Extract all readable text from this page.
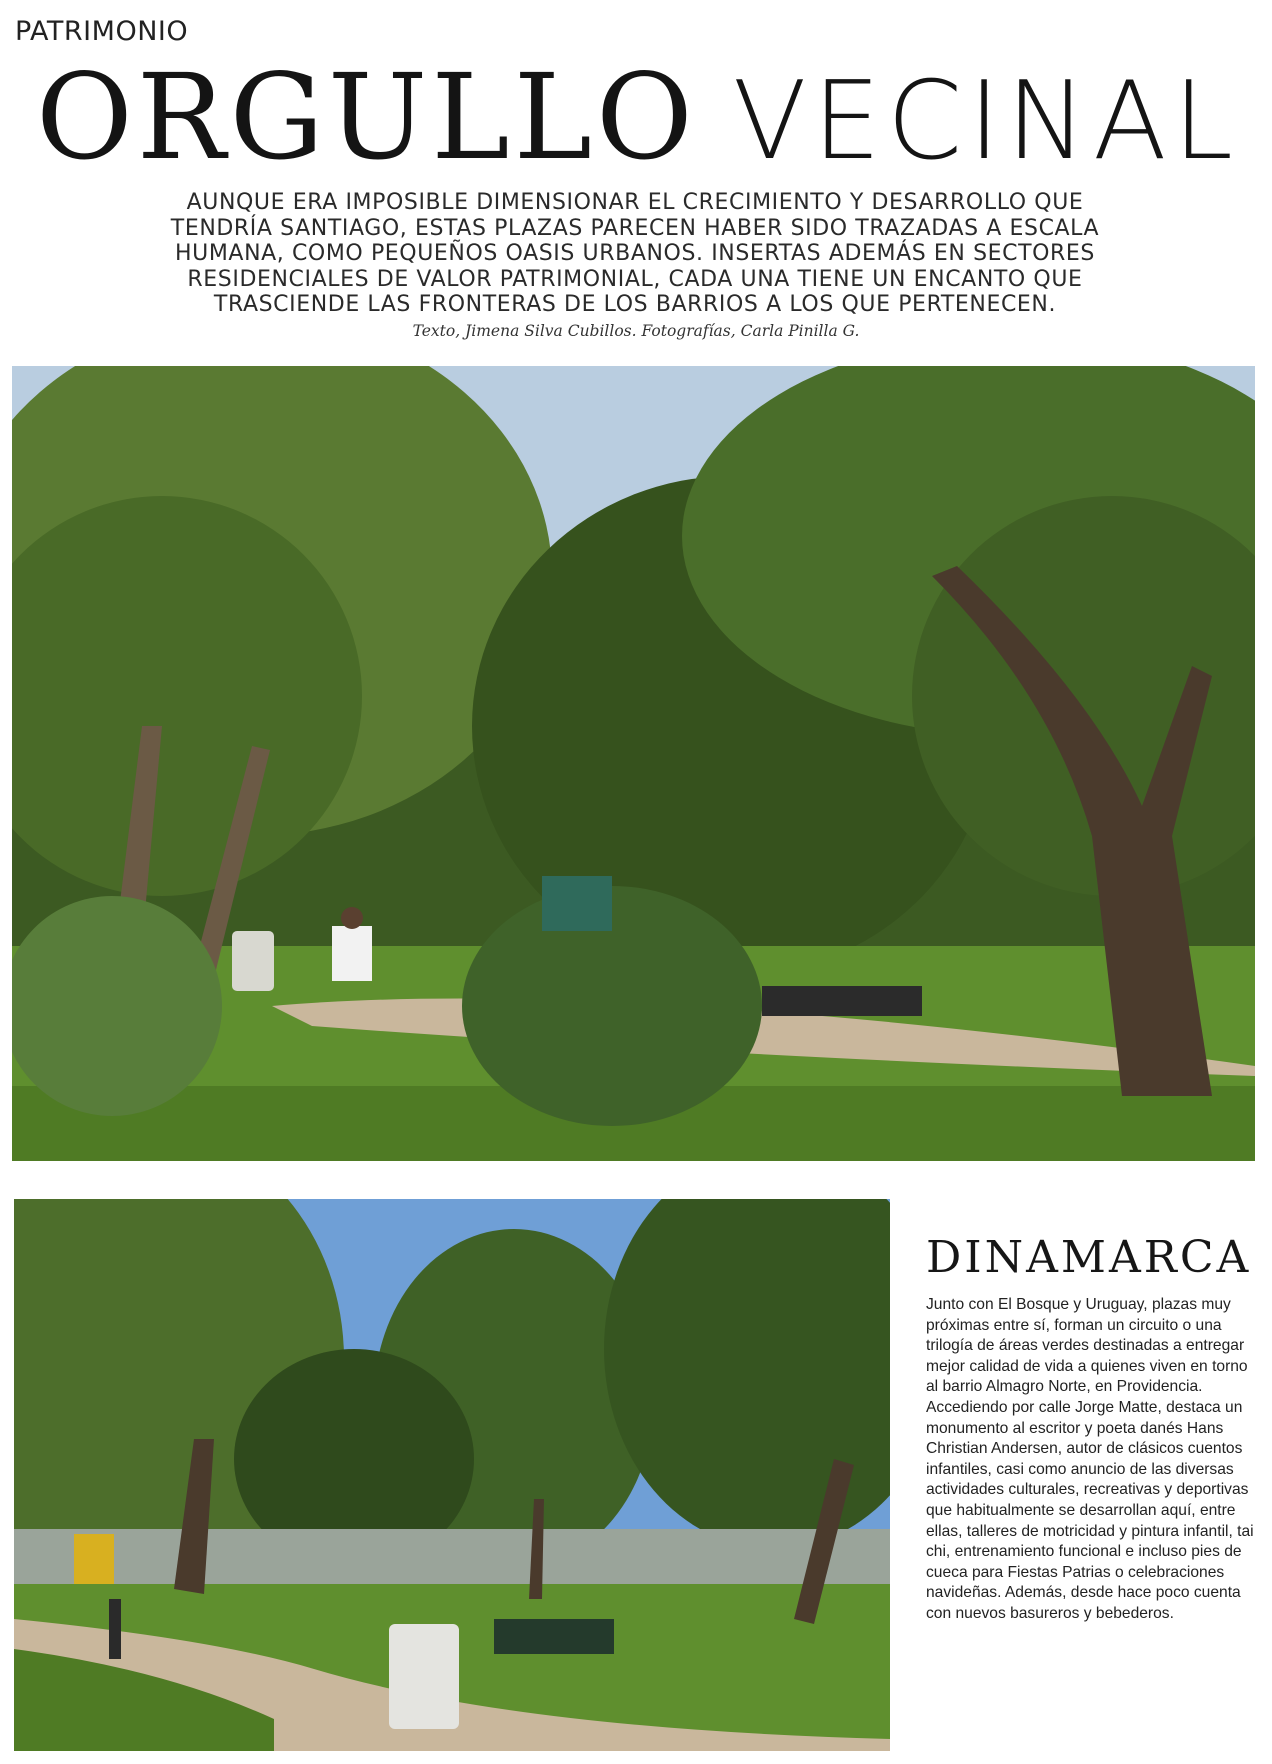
PATRIMONIO
ORGULLO VECINAL

AUNQUE ERA IMPOSIBLE DIMENSIONAR EL CRECIMIENTO Y DESARROLLO QUE TENDRÍA SANTIAGO, ESTAS PLAZAS PARECEN HABER SIDO TRAZADAS A ESCALA HUMANA, COMO PEQUEÑOS OASIS URBANOS. INSERTAS ADEMÁS EN SECTORES RESIDENCIALES DE VALOR PATRIMONIAL, CADA UNA TIENE UN ENCANTO QUE TRASCIENDE LAS FRONTERAS DE LOS BARRIOS A LOS QUE PERTENECEN.

Texto, Jimena Silva Cubillos. Fotografías, Carla Pinilla G.

DINAMARCA

Junto con El Bosque y Uruguay, plazas muy próximas entre sí, forman un circuito o una trilogía de áreas verdes destinadas a entregar mejor calidad de vida a quienes viven en torno al barrio Almagro Norte, en Providencia. Accediendo por calle Jorge Matte, destaca un monumento al escritor y poeta danés Hans Christian Andersen, autor de clásicos cuentos infantiles, casi como anuncio de las diversas actividades culturales, recreativas y deportivas que habitualmente se desarrollan aquí, entre ellas, talleres de motricidad y pintura infantil, tai chi, entrenamiento funcional e incluso pies de cueca para Fiestas Patrias o celebraciones navideñas. Además, desde hace poco cuenta con nuevos basureros y bebederos.
